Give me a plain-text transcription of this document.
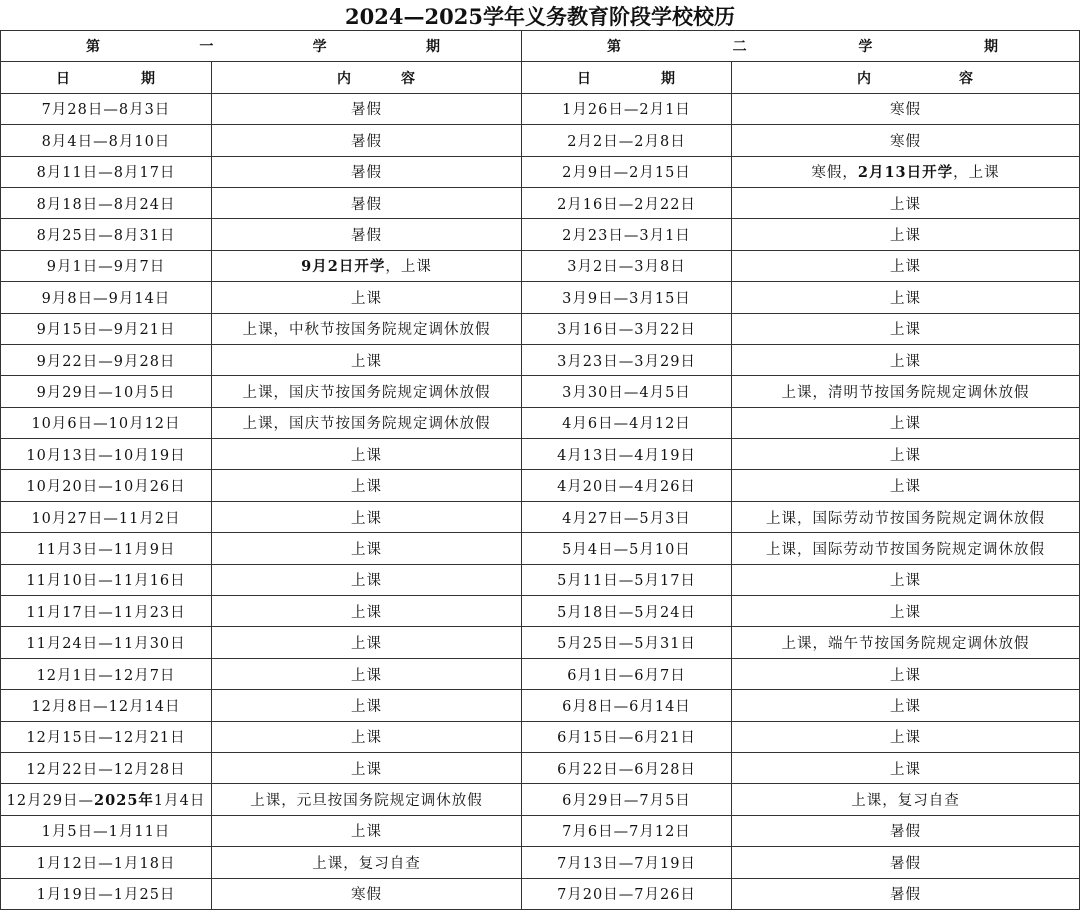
2024—2025学年义务教育阶段学校校历
第 一 学 期		第 二 学 期	

日 期	内 容	日 期	内 容

7月28日—8月3日	暑假	1月26日—2月1日	寒假
8月4日—8月10日	暑假	2月2日—2月8日	寒假
8月11日—8月17日	暑假	2月9日—2月15日	寒假，2月13日开学，上课
8月18日—8月24日	暑假	2月16日—2月22日	上课
8月25日—8月31日	暑假	2月23日—3月1日	上课
9月1日—9月7日	9月2日开学，上课	3月2日—3月8日	上课
9月8日—9月14日	上课	3月9日—3月15日	上课
9月15日—9月21日	上课，中秋节按国务院规定调休放假	3月16日—3月22日	上课
9月22日—9月28日	上课	3月23日—3月29日	上课
9月29日—10月5日	上课，国庆节按国务院规定调休放假	3月30日—4月5日	上课，清明节按国务院规定调休放假
10月6日—10月12日	上课，国庆节按国务院规定调休放假	4月6日—4月12日	上课
10月13日—10月19日	上课	4月13日—4月19日	上课
10月20日—10月26日	上课	4月20日—4月26日	上课
10月27日—11月2日	上课	4月27日—5月3日	上课，国际劳动节按国务院规定调休放假
11月3日—11月9日	上课	5月4日—5月10日	上课，国际劳动节按国务院规定调休放假
11月10日—11月16日	上课	5月11日—5月17日	上课
11月17日—11月23日	上课	5月18日—5月24日	上课
11月24日—11月30日	上课	5月25日—5月31日	上课，端午节按国务院规定调休放假
12月1日—12月7日	上课	6月1日—6月7日	上课
12月8日—12月14日	上课	6月8日—6月14日	上课
12月15日—12月21日	上课	6月15日—6月21日	上课
12月22日—12月28日	上课	6月22日—6月28日	上课
12月29日—2025年1月4日	上课，元旦按国务院规定调休放假	6月29日—7月5日	上课，复习自查
1月5日—1月11日	上课	7月6日—7月12日	暑假
1月12日—1月18日	上课，复习自查	7月13日—7月19日	暑假
1月19日—1月25日	寒假	7月20日—7月26日	暑假
